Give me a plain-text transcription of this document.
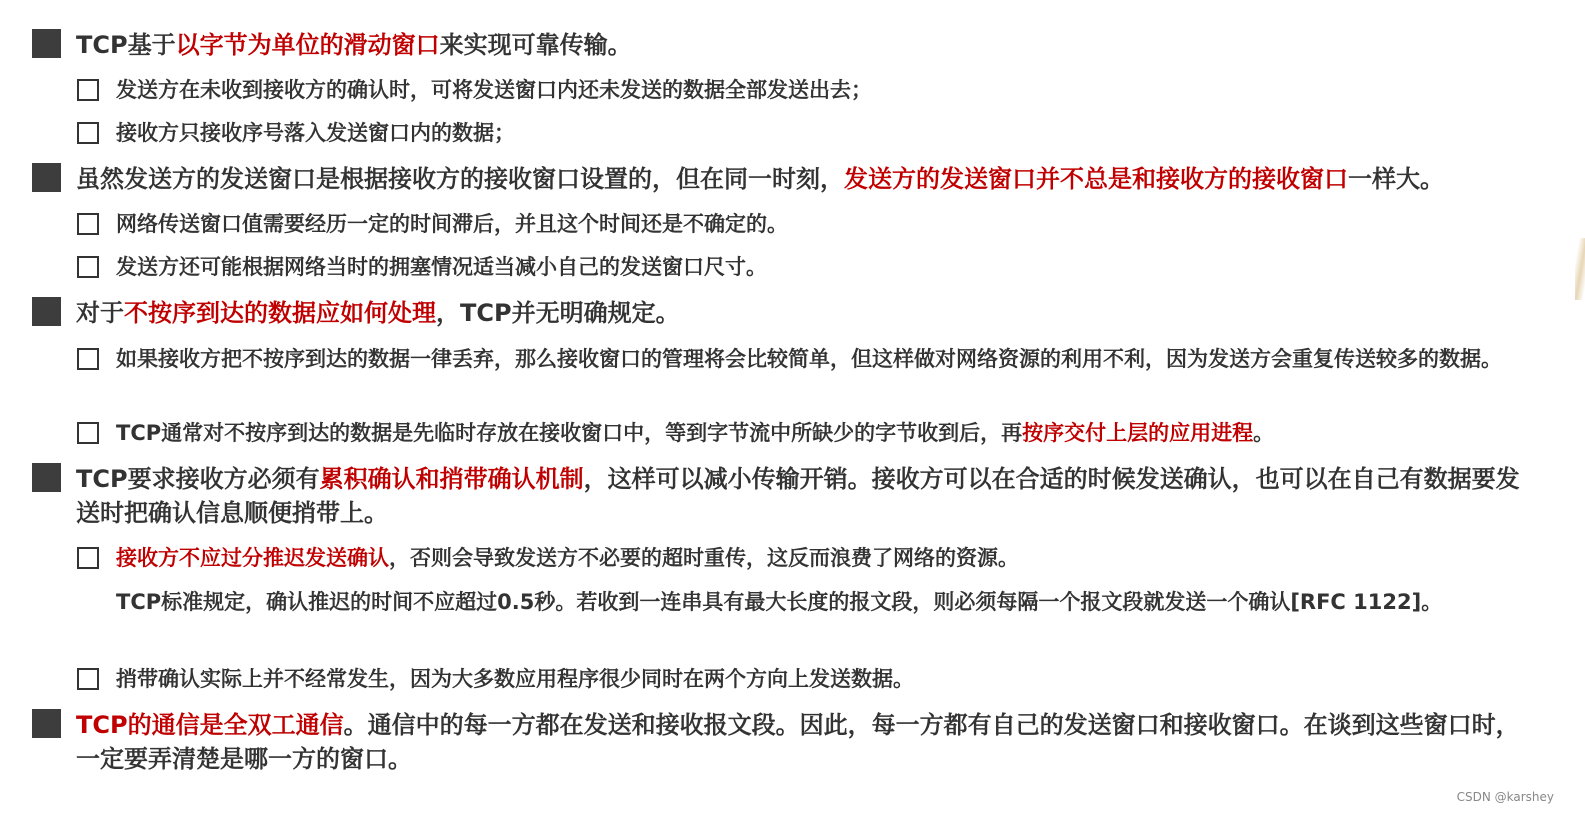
TCP基于以字节为单位的滑动窗口来实现可靠传输。
发送方在未收到接收方的确认时，可将发送窗口内还未发送的数据全部发送出去；
接收方只接收序号落入发送窗口内的数据；
虽然发送方的发送窗口是根据接收方的接收窗口设置的，但在同一时刻，发送方的发送窗口并不总是和接收方的接收窗口一样大。
网络传送窗口值需要经历一定的时间滞后，并且这个时间还是不确定的。
发送方还可能根据网络当时的拥塞情况适当减小自己的发送窗口尺寸。
对于不按序到达的数据应如何处理，TCP并无明确规定。
如果接收方把不按序到达的数据一律丢弃，那么接收窗口的管理将会比较简单，但这样做对网络资源的利用不利，因为发送方会重复传送较多的数据。
TCP通常对不按序到达的数据是先临时存放在接收窗口中，等到字节流中所缺少的字节收到后，再按序交付上层的应用进程。
TCP要求接收方必须有累积确认和捎带确认机制，这样可以减小传输开销。接收方可以在合适的时候发送确认，也可以在自己有数据要发送时把确认信息顺便捎带上。
接收方不应过分推迟发送确认，否则会导致发送方不必要的超时重传，这反而浪费了网络的资源。
TCP标准规定，确认推迟的时间不应超过0.5秒。若收到一连串具有最大长度的报文段，则必须每隔一个报文段就发送一个确认[RFC 1122]。
捎带确认实际上并不经常发生，因为大多数应用程序很少同时在两个方向上发送数据。
TCP的通信是全双工通信。通信中的每一方都在发送和接收报文段。因此，每一方都有自己的发送窗口和接收窗口。在谈到这些窗口时，一定要弄清楚是哪一方的窗口。
CSDN @karshey
